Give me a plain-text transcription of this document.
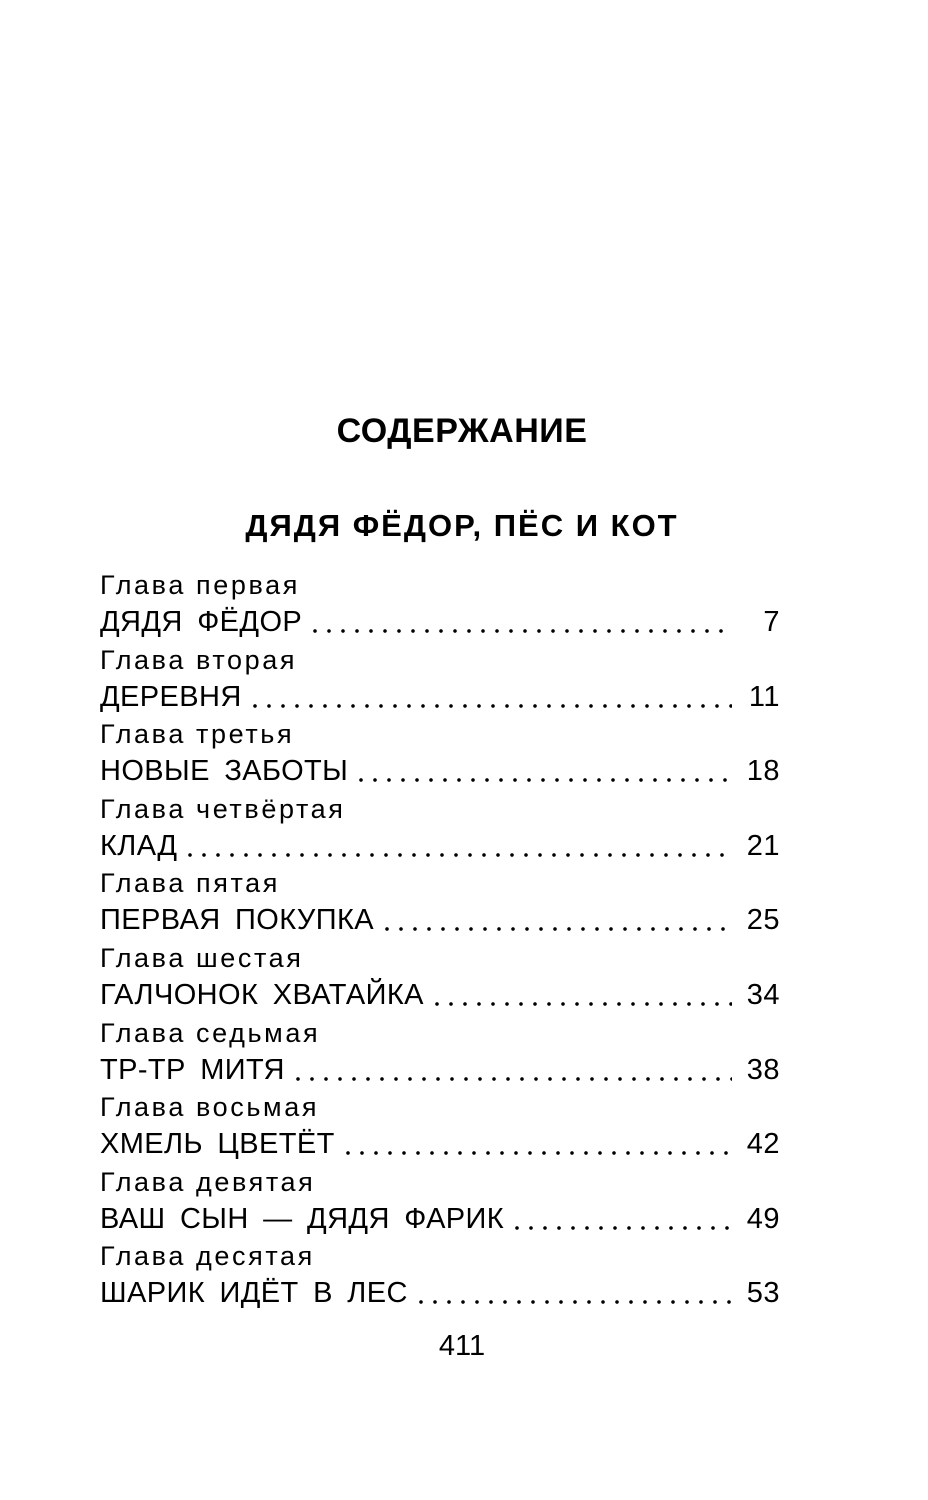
СОДЕРЖАНИЕ
ДЯДЯ ФЁДОР, ПЁС И КОТ
Глава первая
ДЯДЯ ФЁДОР	7
Глава вторая
ДЕРЕВНЯ	11
Глава третья
НОВЫЕ ЗАБОТЫ	18
Глава четвёртая
КЛАД	21
Глава пятая
ПЕРВАЯ ПОКУПКА	25
Глава шестая
ГАЛЧОНОК ХВАТАЙКА	34
Глава седьмая
ТР-ТР МИТЯ	38
Глава восьмая
ХМЕЛЬ ЦВЕТЁТ	42
Глава девятая
ВАШ СЫН — ДЯДЯ ФАРИК	49
Глава десятая
ШАРИК ИДЁТ В ЛЕС	53
411
